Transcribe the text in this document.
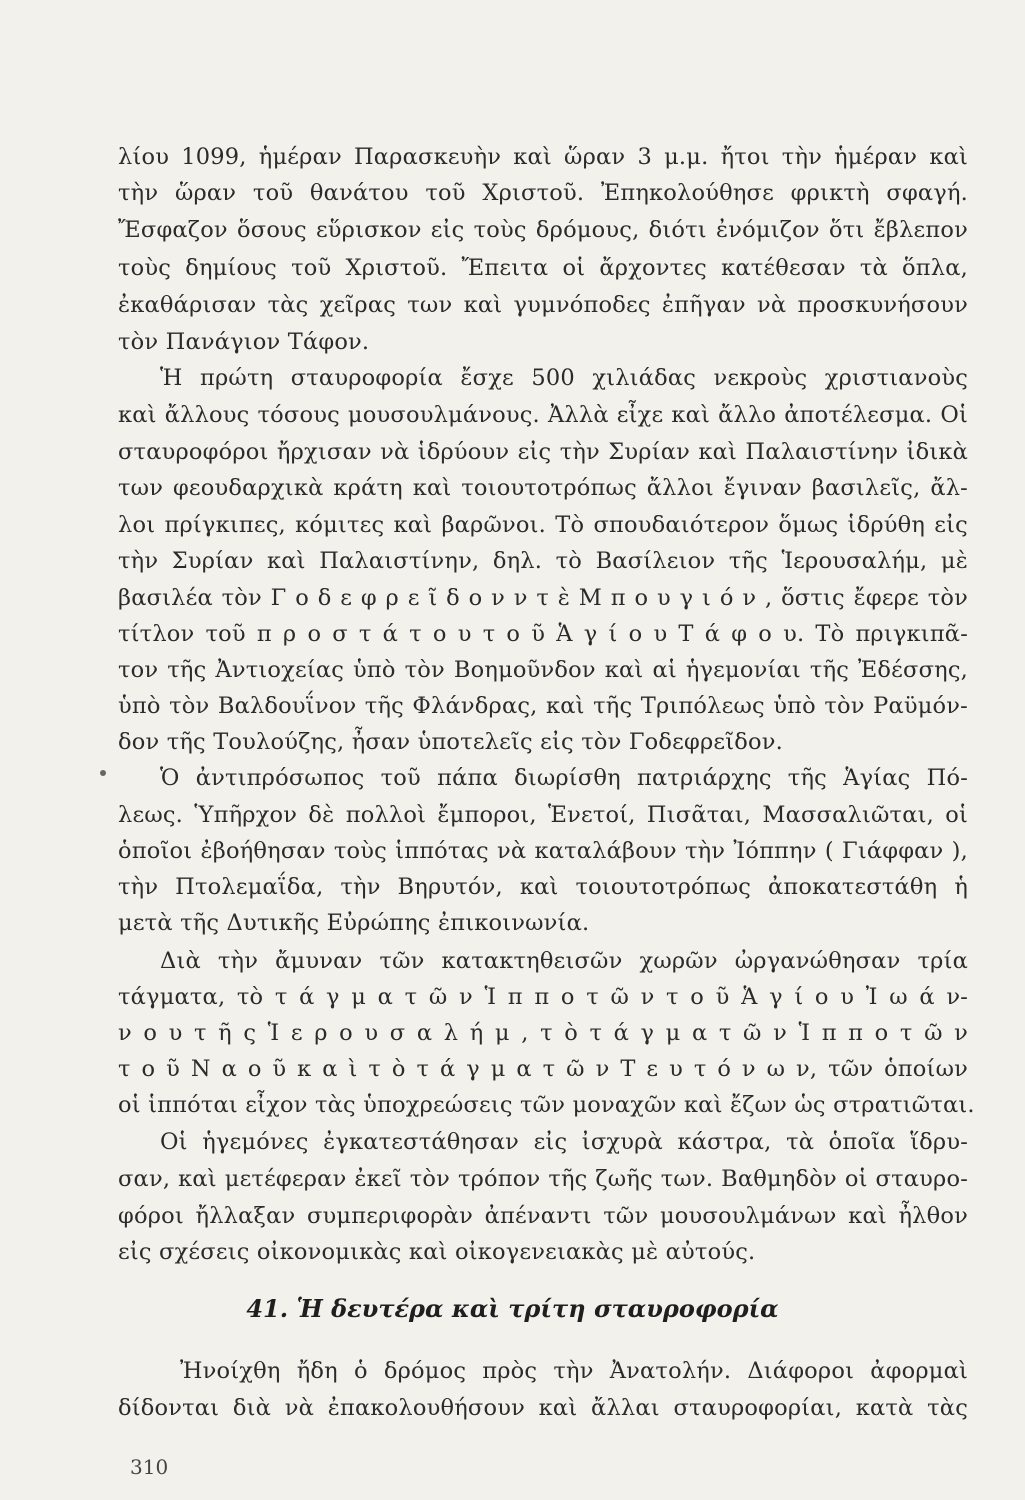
λίου 1099, ἡμέραν Παρασκευὴν καὶ ὥραν 3 μ.μ. ἤτοι τὴν ἡμέραν καὶ
τὴν ὥραν τοῦ θανάτου τοῦ Χριστοῦ. Ἐπηκολούθησε φρικτὴ σφαγή.
Ἔσφαζον ὅσους εὕρισκον εἰς τοὺς δρόμους, διότι ἐνόμιζον ὅτι ἔβλεπον
τοὺς δημίους τοῦ Χριστοῦ. Ἔπειτα οἱ ἄρχοντες κατέθεσαν τὰ ὅπλα,
ἐκαθάρισαν τὰς χεῖρας των καὶ γυμνόποδες ἐπῆγαν νὰ προσκυνήσουν
τὸν Πανάγιον Τάφον.
Ἡ πρώτη σταυροφορία ἔσχε 500 χιλιάδας νεκροὺς χριστιανοὺς
καὶ ἄλλους τόσους μουσουλμάνους. Ἀλλὰ εἶχε καὶ ἄλλο ἀποτέλεσμα. Οἱ
σταυροφόροι ἤρχισαν νὰ ἱδρύουν εἰς τὴν Συρίαν καὶ Παλαιστίνην ἰδικὰ
των φεουδαρχικὰ κράτη καὶ τοιουτοτρόπως ἄλλοι ἔγιναν βασιλεῖς, ἄλ-
λοι πρίγκιπες, κόμιτες καὶ βαρῶνοι. Τὸ σπουδαιότερον ὅμως ἱδρύθη εἰς
τὴν Συρίαν καὶ Παλαιστίνην, δηλ. τὸ Βασίλειον τῆς Ἱερουσαλήμ, μὲ
βασιλέα τὸν Γ ο δ ε φ ρ ε ῖ δ ο ν ν τ ὲ Μ π ο υ γ ι ό ν , ὅστις ἔφερε τὸν
τίτλον τοῦ π ρ ο σ τ ά τ ο υ τ ο ῦ Ἁ γ ί ο υ Τ ά φ ο υ. Τὸ πριγκιπᾶ-
τον τῆς Ἀντιοχείας ὑπὸ τὸν Βοημοῦνδον καὶ αἱ ἡγεμονίαι τῆς Ἐδέσσης,
ὑπὸ τὸν Βαλδουΐνον τῆς Φλάνδρας, καὶ τῆς Τριπόλεως ὑπὸ τὸν Ραϋμόν-
δον τῆς Τουλούζης, ἦσαν ὑποτελεῖς εἰς τὸν Γοδεφρεῖδον.
Ὁ ἀντιπρόσωπος τοῦ πάπα διωρίσθη πατριάρχης τῆς Ἁγίας Πό-
λεως. Ὑπῆρχον δὲ πολλοὶ ἔμποροι, Ἑνετοί, Πισᾶται, Μασσαλιῶται, οἱ
ὁποῖοι ἐβοήθησαν τοὺς ἱππότας νὰ καταλάβουν τὴν Ἰόππην ( Γιάφφαν ),
τὴν Πτολεμαΐδα, τὴν Βηρυτόν, καὶ τοιουτοτρόπως ἀποκατεστάθη ἡ
μετὰ τῆς Δυτικῆς Εὐρώπης ἐπικοινωνία.
Διὰ τὴν ἄμυναν τῶν κατακτηθεισῶν χωρῶν ὠργανώθησαν τρία
τάγματα, τὸ τ ά γ μ α τ ῶ ν Ἱ π π ο τ ῶ ν τ ο ῦ Ἁ γ ί ο υ Ἰ ω ά ν-
ν ο υ τ ῆ ς Ἱ ε ρ ο υ σ α λ ή μ , τ ὸ τ ά γ μ α τ ῶ ν Ἱ π π ο τ ῶ ν
τ ο ῦ Ν α ο ῦ κ α ὶ τ ὸ τ ά γ μ α τ ῶ ν Τ ε υ τ ό ν ω ν, τῶν ὁποίων
οἱ ἱππόται εἶχον τὰς ὑποχρεώσεις τῶν μοναχῶν καὶ ἔζων ὡς στρατιῶται.
Οἱ ἡγεμόνες ἐγκατεστάθησαν εἰς ἰσχυρὰ κάστρα, τὰ ὁποῖα ἵδρυ-
σαν, καὶ μετέφεραν ἐκεῖ τὸν τρόπον τῆς ζωῆς των. Βαθμηδὸν οἱ σταυρο-
φόροι ἤλλαξαν συμπεριφορὰν ἀπέναντι τῶν μουσουλμάνων καὶ ἦλθον
εἰς σχέσεις οἰκονομικὰς καὶ οἰκογενειακὰς μὲ αὐτούς.
41. Ἡ δευτέρα καὶ τρίτη σταυροφορία
Ἠνοίχθη ἤδη ὁ δρόμος πρὸς τὴν Ἀνατολήν. Διάφοροι ἀφορμαὶ
δίδονται διὰ νὰ ἐπακολουθήσουν καὶ ἄλλαι σταυροφορίαι, κατὰ τὰς
310
